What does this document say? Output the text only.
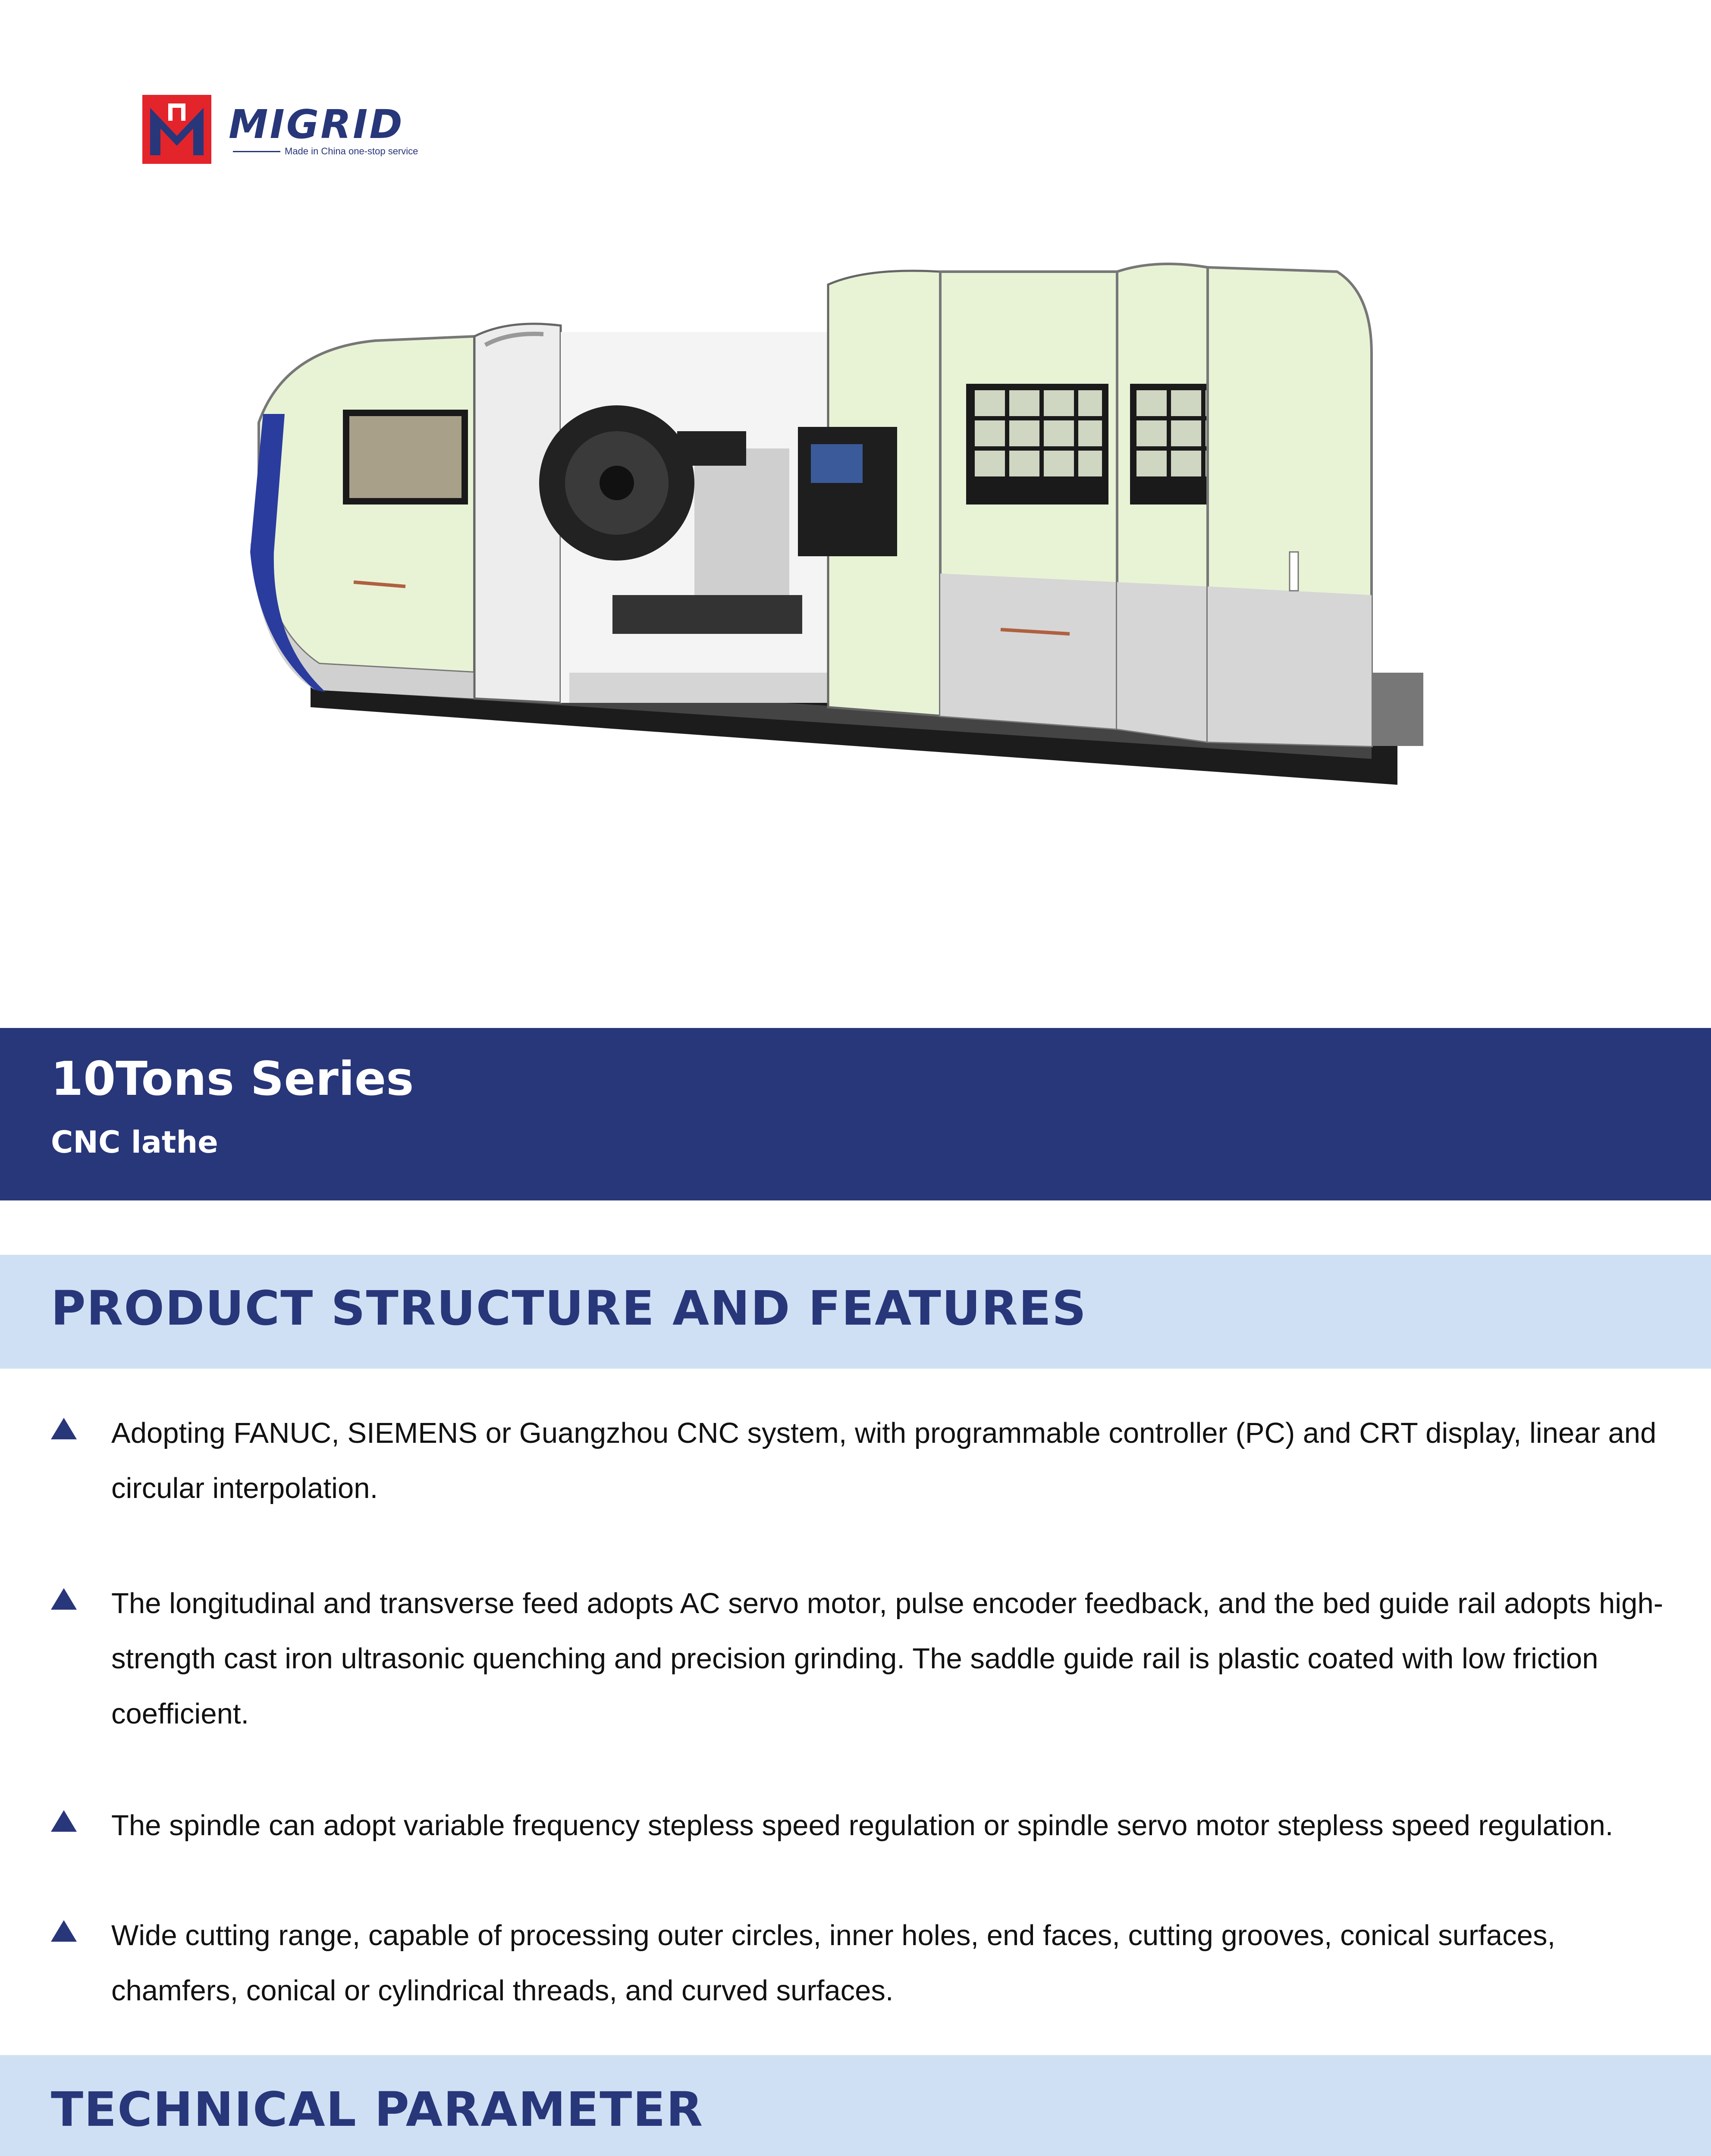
MIGRID
Made in China one-stop service
10Tons Series
CNC lathe
PRODUCT STRUCTURE AND FEATURES
Adopting FANUC, SIEMENS or Guangzhou CNC system, with programmable controller (PC) and CRT display, linear and circular interpolation.
The longitudinal and transverse feed adopts AC servo motor, pulse encoder feedback, and the bed guide rail adopts high-strength cast iron ultrasonic quenching and precision grinding. The saddle guide rail is plastic coated with low friction coefficient.
The spindle can adopt variable frequency stepless speed regulation or spindle servo motor stepless speed regulation.
Wide cutting range, capable of processing outer circles, inner holes, end faces, cutting grooves, conical surfaces, chamfers, conical or cylindrical threads, and curved surfaces.
TECHNICAL PARAMETER
